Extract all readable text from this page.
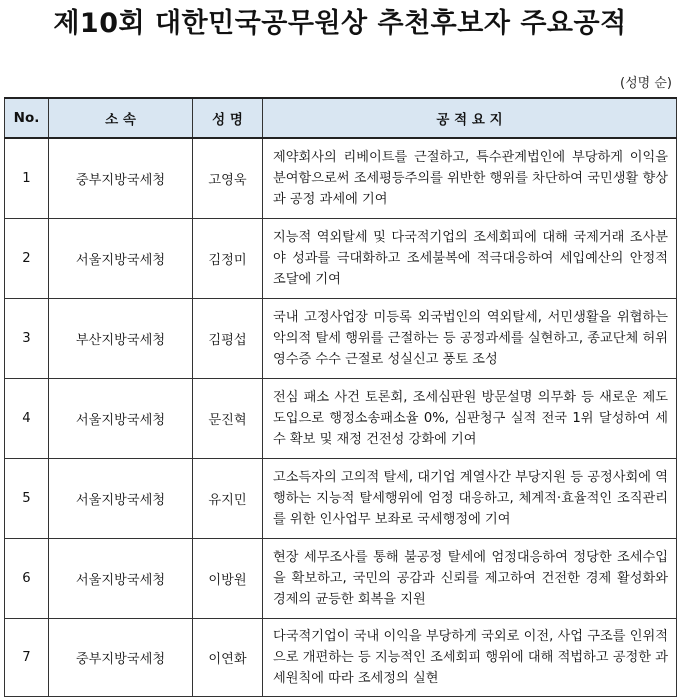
제10회 대한민국공무원상 추천후보자 주요공적
(성명 순)
No.	소 속	성 명	공 적 요 지
1	중부지방국세청	고영욱	제약회사의 리베이트를 근절하고, 특수관계법인에 부당하게 이익을 분여함으로써 조세평등주의를 위반한 행위를 차단하여 국민생활 향상과 공정 과세에 기여
2	서울지방국세청	김정미	지능적 역외탈세 및 다국적기업의 조세회피에 대해 국제거래 조사분야 성과를 극대화하고 조세불복에 적극대응하여 세입예산의 안정적 조달에 기여
3	부산지방국세청	김평섭	국내 고정사업장 미등록 외국법인의 역외탈세, 서민생활을 위협하는 악의적 탈세 행위를 근절하는 등 공정과세를 실현하고, 종교단체 허위영수증 수수 근절로 성실신고 풍토 조성
4	서울지방국세청	문진혁	전심 패소 사건 토론회, 조세심판원 방문설명 의무화 등 새로운 제도 도입으로 행정소송패소율 0%, 심판청구 실적 전국 1위 달성하여 세수 확보 및 재정 건전성 강화에 기여
5	서울지방국세청	유지민	고소득자의 고의적 탈세, 대기업 계열사간 부당지원 등 공정사회에 역행하는 지능적 탈세행위에 엄정 대응하고, 체계적·효율적인 조직관리를 위한 인사업무 보좌로 국세행정에 기여
6	서울지방국세청	이방원	현장 세무조사를 통해 불공정 탈세에 엄정대응하여 정당한 조세수입을 확보하고, 국민의 공감과 신뢰를 제고하여 건전한 경제 활성화와 경제의 균등한 회복을 지원
7	중부지방국세청	이연화	다국적기업이 국내 이익을 부당하게 국외로 이전, 사업 구조를 인위적으로 개편하는 등 지능적인 조세회피 행위에 대해 적법하고 공정한 과세원칙에 따라 조세정의 실현
